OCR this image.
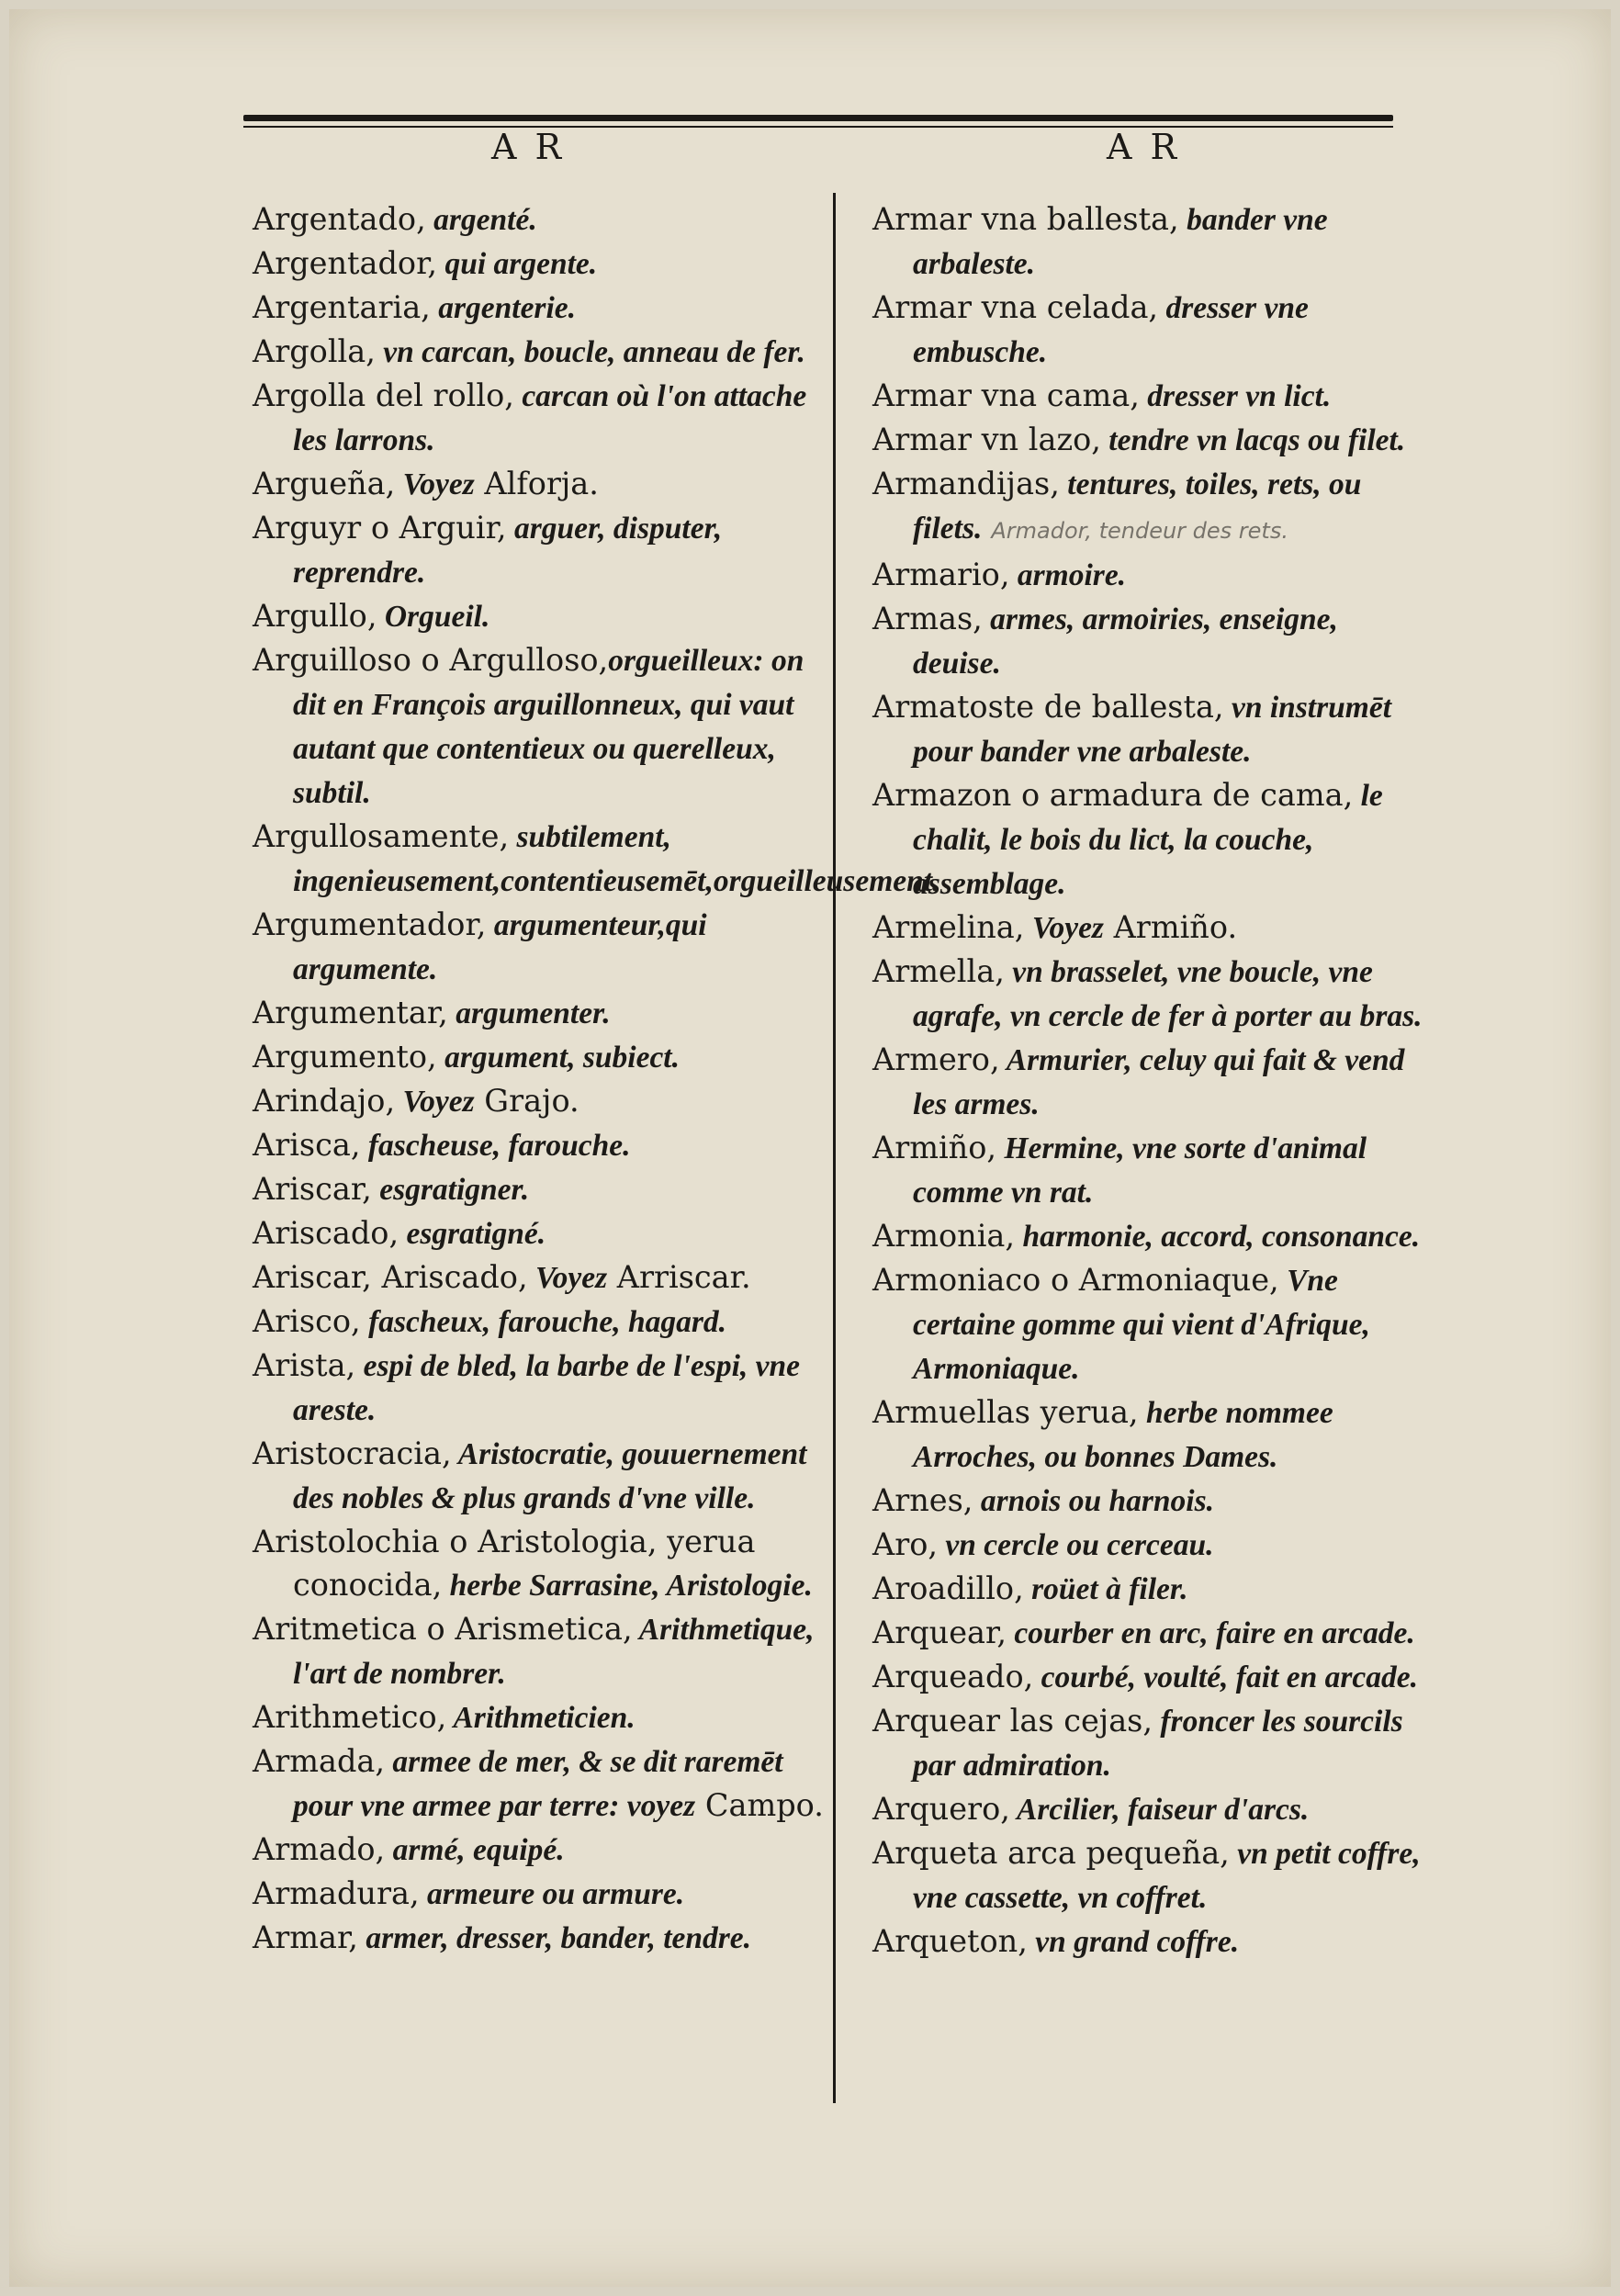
A R	A R
Argentado, argenté.
Argentador, qui argente.
Argentaria, argenterie.
Argolla, vn carcan, boucle, anneau de fer.
Argolla del rollo, carcan où l'on attache les larrons.
Argueña, Voyez Alforja.
Arguyr o Arguir, arguer, disputer, reprendre.
Argullo, Orgueil.
Arguilloso o Argulloso,orgueilleux: on dit en François arguillonneux, qui vaut autant que contentieux ou querelleux, subtil.
Argullosamente, subtilement, ingenieusement,contentieusemēt,orgueilleusement.
Argumentador, argumenteur,qui argumente.
Argumentar, argumenter.
Argumento, argument, subiect.
Arindajo, Voyez Grajo.
Arisca, fascheuse, farouche.
Ariscar, esgratigner.
Ariscado, esgratigné.
Ariscar, Ariscado, Voyez Arriscar.
Arisco, fascheux, farouche, hagard.
Arista, espi de bled, la barbe de l'espi, vne areste.
Aristocracia, Aristocratie, gouuernement des nobles & plus grands d'vne ville.
Aristolochia o Aristologia, yerua conocida, herbe Sarrasine, Aristologie.
Aritmetica o Arismetica, Arithmetique, l'art de nombrer.
Arithmetico, Arithmeticien.
Armada, armee de mer, & se dit raremēt pour vne armee par terre: voyez Campo.
Armado, armé, equipé.
Armadura, armeure ou armure.
Armar, armer, dresser, bander, tendre.
Armar vna ballesta, bander vne arbaleste.
Armar vna celada, dresser vne embusche.
Armar vna cama, dresser vn lict.
Armar vn lazo, tendre vn lacqs ou filet.
Armandijas, tentures, toiles, rets, ou filets. Armador, tendeur des rets.
Armario, armoire.
Armas, armes, armoiries, enseigne, deuise.
Armatoste de ballesta, vn instrumēt pour bander vne arbaleste.
Armazon o armadura de cama, le chalit, le bois du lict, la couche, assemblage.
Armelina, Voyez Armiño.
Armella, vn brasselet, vne boucle, vne agrafe, vn cercle de fer à porter au bras.
Armero, Armurier, celuy qui fait & vend les armes.
Armiño, Hermine, vne sorte d'animal comme vn rat.
Armonia, harmonie, accord, consonance.
Armoniaco o Armoniaque, Vne certaine gomme qui vient d'Afrique, Armoniaque.
Armuellas yerua, herbe nommee Arroches, ou bonnes Dames.
Arnes, arnois ou harnois.
Aro, vn cercle ou cerceau.
Aroadillo, roüet à filer.
Arquear, courber en arc, faire en arcade.
Arqueado, courbé, voulté, fait en arcade.
Arquear las cejas, froncer les sourcils par admiration.
Arquero, Arcilier, faiseur d'arcs.
Arqueta arca pequeña, vn petit coffre, vne cassette, vn coffret.
Arqueton, vn grand coffre.
